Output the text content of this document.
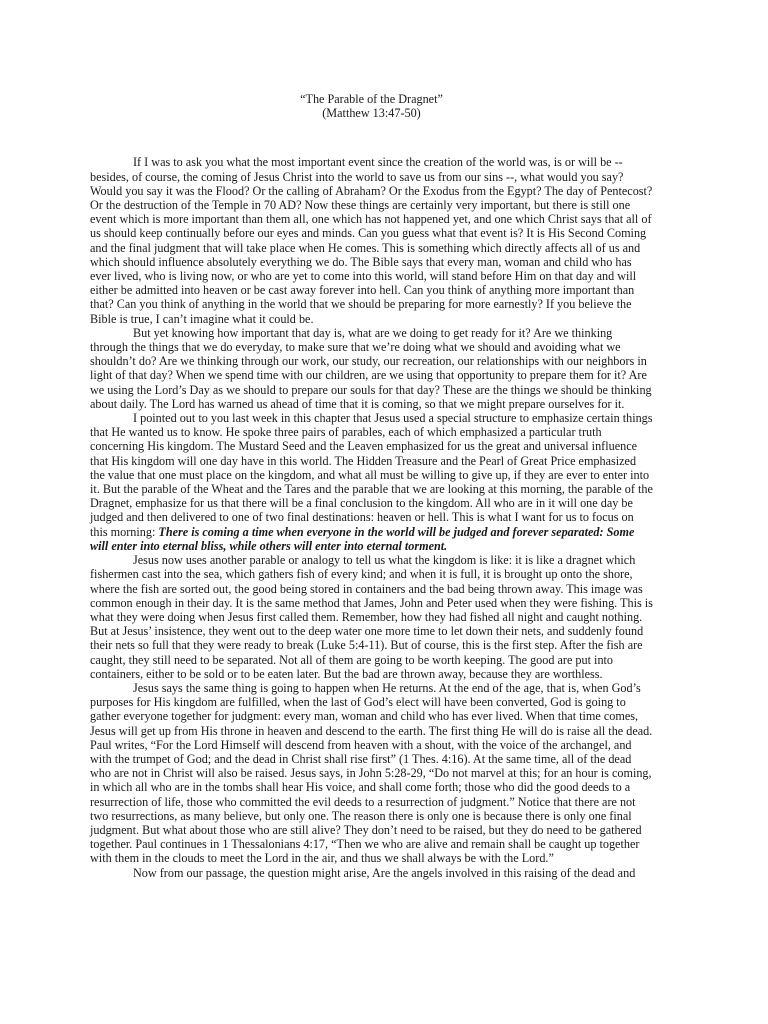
“The Parable of the Dragnet”
(Matthew 13:47-50)

If I was to ask you what the most important event since the creation of the world was, is or will be -- besides, of course, the coming of Jesus Christ into the world to save us from our sins --, what would you say? Would you say it was the Flood? Or the calling of Abraham? Or the Exodus from the Egypt? The day of Pentecost? Or the destruction of the Temple in 70 AD? Now these things are certainly very important, but there is still one event which is more important than them all, one which has not happened yet, and one which Christ says that all of us should keep continually before our eyes and minds. Can you guess what that event is? It is His Second Coming and the final judgment that will take place when He comes. This is something which directly affects all of us and which should influence absolutely everything we do. The Bible says that every man, woman and child who has ever lived, who is living now, or who are yet to come into this world, will stand before Him on that day and will either be admitted into heaven or be cast away forever into hell. Can you think of anything more important than that? Can you think of anything in the world that we should be preparing for more earnestly? If you believe the Bible is true, I can’t imagine what it could be.

But yet knowing how important that day is, what are we doing to get ready for it? Are we thinking through the things that we do everyday, to make sure that we’re doing what we should and avoiding what we shouldn’t do? Are we thinking through our work, our study, our recreation, our relationships with our neighbors in light of that day? When we spend time with our children, are we using that opportunity to prepare them for it? Are we using the Lord’s Day as we should to prepare our souls for that day? These are the things we should be thinking about daily. The Lord has warned us ahead of time that it is coming, so that we might prepare ourselves for it.

I pointed out to you last week in this chapter that Jesus used a special structure to emphasize certain things that He wanted us to know. He spoke three pairs of parables, each of which emphasized a particular truth concerning His kingdom. The Mustard Seed and the Leaven emphasized for us the great and universal influence that His kingdom will one day have in this world. The Hidden Treasure and the Pearl of Great Price emphasized the value that one must place on the kingdom, and what all must be willing to give up, if they are ever to enter into it. But the parable of the Wheat and the Tares and the parable that we are looking at this morning, the parable of the Dragnet, emphasize for us that there will be a final conclusion to the kingdom. All who are in it will one day be judged and then delivered to one of two final destinations: heaven or hell. This is what I want for us to focus on this morning: There is coming a time when everyone in the world will be judged and forever separated: Some will enter into eternal bliss, while others will enter into eternal torment.

Jesus now uses another parable or analogy to tell us what the kingdom is like: it is like a dragnet which fishermen cast into the sea, which gathers fish of every kind; and when it is full, it is brought up onto the shore, where the fish are sorted out, the good being stored in containers and the bad being thrown away. This image was common enough in their day. It is the same method that James, John and Peter used when they were fishing. This is what they were doing when Jesus first called them. Remember, how they had fished all night and caught nothing. But at Jesus’ insistence, they went out to the deep water one more time to let down their nets, and suddenly found their nets so full that they were ready to break (Luke 5:4-11). But of course, this is the first step. After the fish are caught, they still need to be separated. Not all of them are going to be worth keeping. The good are put into containers, either to be sold or to be eaten later. But the bad are thrown away, because they are worthless.

Jesus says the same thing is going to happen when He returns. At the end of the age, that is, when God’s purposes for His kingdom are fulfilled, when the last of God’s elect will have been converted, God is going to gather everyone together for judgment: every man, woman and child who has ever lived. When that time comes, Jesus will get up from His throne in heaven and descend to the earth. The first thing He will do is raise all the dead. Paul writes, “For the Lord Himself will descend from heaven with a shout, with the voice of the archangel, and with the trumpet of God; and the dead in Christ shall rise first” (1 Thes. 4:16). At the same time, all of the dead who are not in Christ will also be raised. Jesus says, in John 5:28-29, “Do not marvel at this; for an hour is coming, in which all who are in the tombs shall hear His voice, and shall come forth; those who did the good deeds to a resurrection of life, those who committed the evil deeds to a resurrection of judgment.” Notice that there are not two resurrections, as many believe, but only one. The reason there is only one is because there is only one final judgment. But what about those who are still alive? They don’t need to be raised, but they do need to be gathered together. Paul continues in 1 Thessalonians 4:17, “Then we who are alive and remain shall be caught up together with them in the clouds to meet the Lord in the air, and thus we shall always be with the Lord.”

Now from our passage, the question might arise, Are the angels involved in this raising of the dead and
